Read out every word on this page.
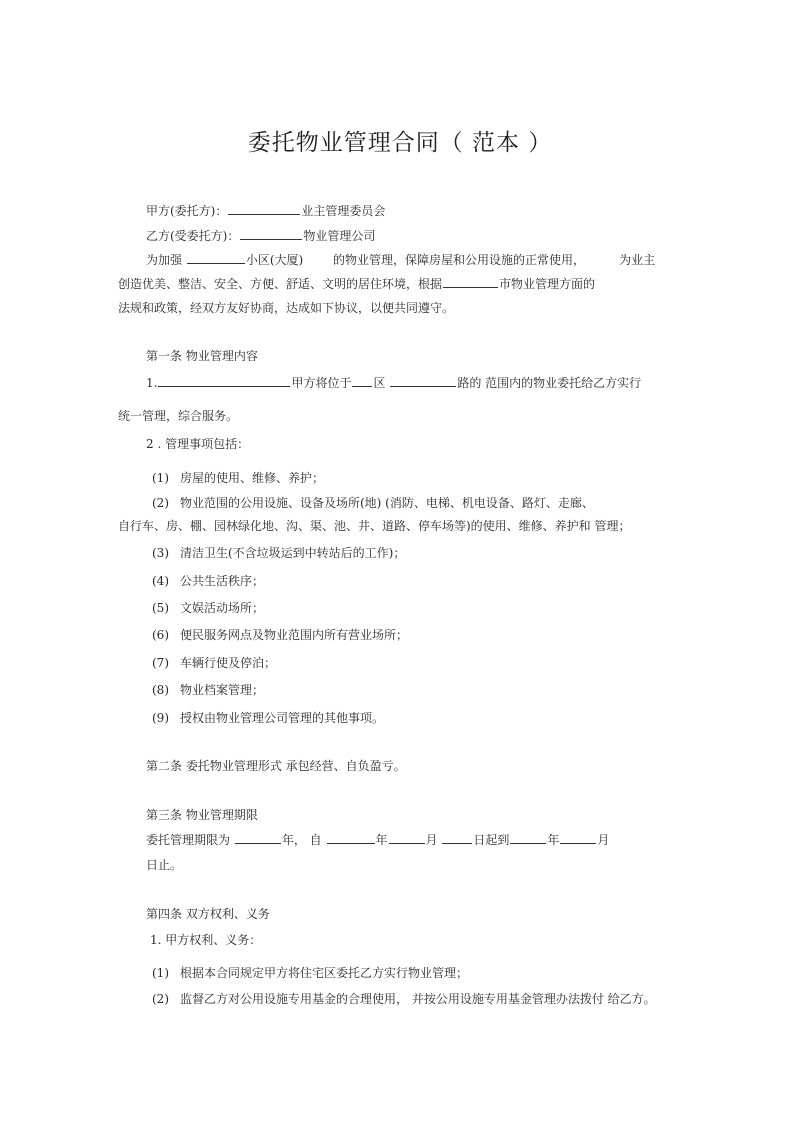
委托物业管理合同（ 范本 ）
甲方(委托方)：	业主管理委员会
乙方(受委托方)：	物业管理公司
为加强	小区(大厦) 的物业管理，保障房屋和公用设施的正常使用，	为业主
创造优美、整洁、安全、方便、舒适、文明的居住环境，根据	市物业管理方面的
法规和政策，经双方友好协商，达成如下协议，以便共同遵守。
第一条 物业管理内容
1.	甲方将位于 区	路的 范围内的物业委托给乙方实行
统一管理，综合服务。
2 . 管理事项包括：
(1) 房屋的使用、维修、养护；
(2) 物业范围的公用设施、设备及场所(地) (消防、电梯、机电设备、路灯、走廊、
自行车、房、棚、园林绿化地、沟、渠、池、井、道路、停车场等)的使用、维修、养护和 管理；
(3) 清洁卫生(不含垃圾运到中转站后的工作)；
(4) 公共生活秩序；
(5) 文娱活动场所；
(6) 便民服务网点及物业范围内所有营业场所；
(7) 车辆行使及停泊；
(8) 物业档案管理；
(9) 授权由物业管理公司管理的其他事项。
第二条 委托物业管理形式 承包经营、自负盈亏。
第三条 物业管理期限
委托管理期限为	年， 自	年	月	日起到	年	月
日止。
第四条 双方权利、义务
1. 甲方权利、义务：
(1) 根据本合同规定甲方将住宅区委托乙方实行物业管理；
(2) 监督乙方对公用设施专用基金的合理使用， 并按公用设施专用基金管理办法拨付 给乙方。
